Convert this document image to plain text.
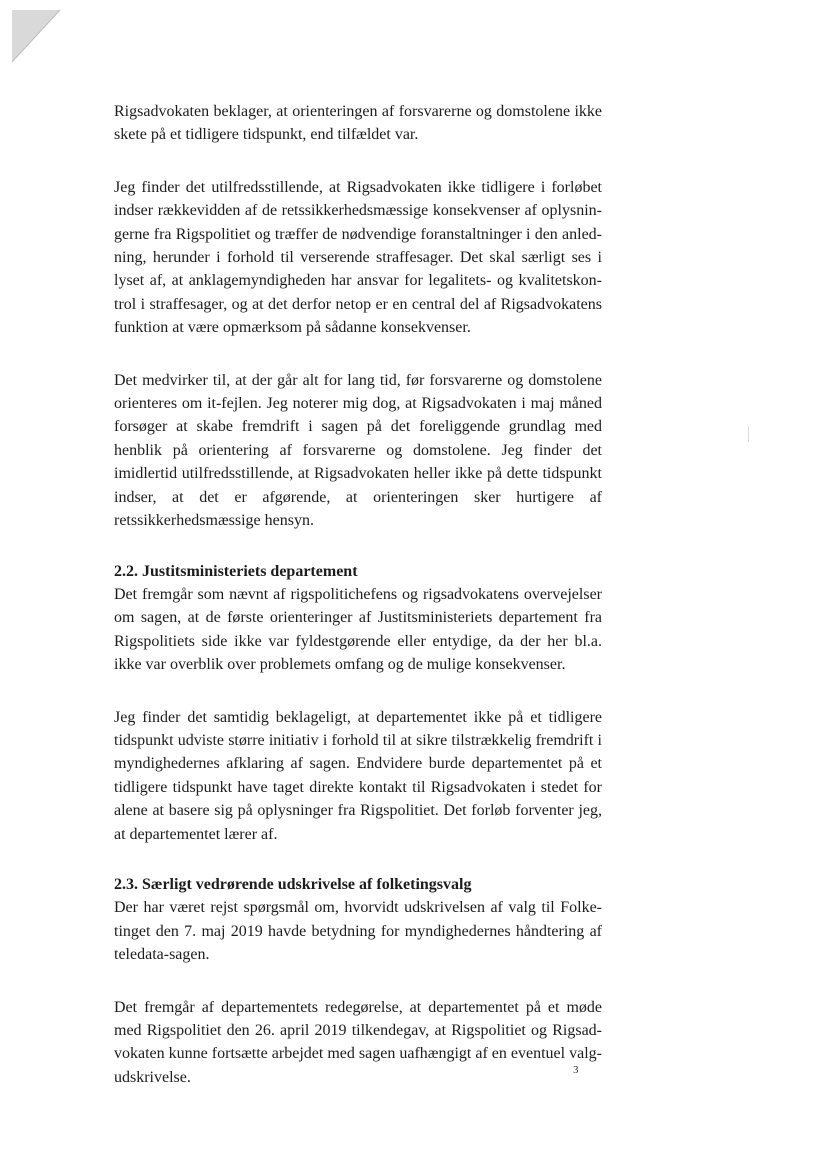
Rigsadvokaten beklager, at orienteringen af forsvarerne og domstolene ikke skete på et tidligere tidspunkt, end tilfældet var.

Jeg finder det utilfredsstillende, at Rigsadvokaten ikke tidligere i forløbet indser rækkevidden af de retssikkerhedsmæssige konsekvenser af oplysningerne fra Rigspolitiet og træffer de nødvendige foranstaltninger i den anledning, herunder i forhold til verserende straffesager. Det skal særligt ses i lyset af, at anklagemyndigheden har ansvar for legalitets- og kvalitetskontrol i straffesager, og at det derfor netop er en central del af Rigsadvokatens funktion at være opmærksom på sådanne konsekvenser.

Det medvirker til, at der går alt for lang tid, før forsvarerne og domstolene orienteres om it-fejlen. Jeg noterer mig dog, at Rigsadvokaten i maj måned forsøger at skabe fremdrift i sagen på det foreliggende grundlag med henblik på orientering af forsvarerne og domstolene. Jeg finder det imidlertid utilfredsstillende, at Rigsadvokaten heller ikke på dette tidspunkt indser, at det er afgørende, at orienteringen sker hurtigere af retssikkerhedsmæssige hensyn.

2.2. Justitsministeriets departement

Det fremgår som nævnt af rigspolitichefens og rigsadvokatens overvejelser om sagen, at de første orienteringer af Justitsministeriets departement fra Rigspolitiets side ikke var fyldestgørende eller entydige, da der her bl.a. ikke var overblik over problemets omfang og de mulige konsekvenser.

Jeg finder det samtidig beklageligt, at departementet ikke på et tidligere tidspunkt udviste større initiativ i forhold til at sikre tilstrækkelig fremdrift i myndighedernes afklaring af sagen. Endvidere burde departementet på et tidligere tidspunkt have taget direkte kontakt til Rigsadvokaten i stedet for alene at basere sig på oplysninger fra Rigspolitiet. Det forløb forventer jeg, at departementet lærer af.

2.3. Særligt vedrørende udskrivelse af folketingsvalg

Der har været rejst spørgsmål om, hvorvidt udskrivelsen af valg til Folketinget den 7. maj 2019 havde betydning for myndighedernes håndtering af teledata-sagen.

Det fremgår af departementets redegørelse, at departementet på et møde med Rigspolitiet den 26. april 2019 tilkendegav, at Rigspolitiet og Rigsadvokaten kunne fortsætte arbejdet med sagen uafhængigt af en eventuel valgudskrivelse.	3
